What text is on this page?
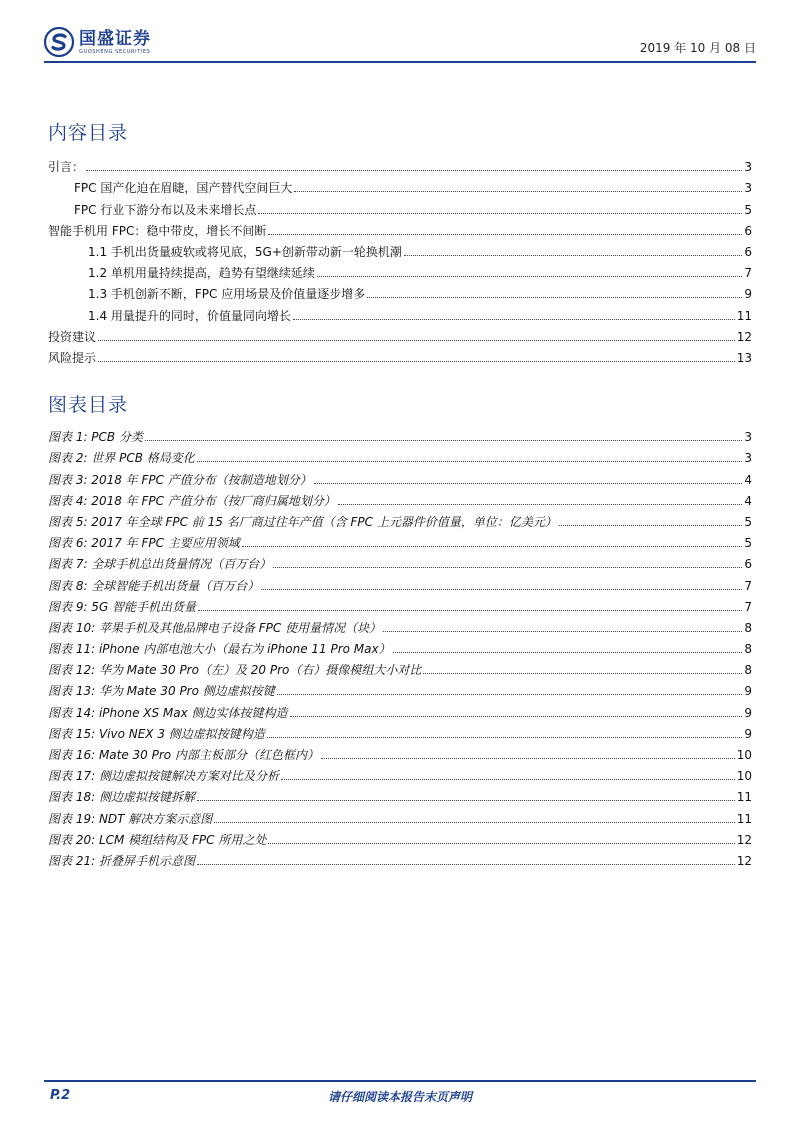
国盛证券
GUOSHENG SECURITIES	2019 年 10 月 08 日
内容目录
引言：	3
FPC 国产化迫在眉睫，国产替代空间巨大	3
FPC 行业下游分布以及未来增长点	5
智能手机用 FPC：稳中带皮，增长不间断	6
1.1 手机出货量疲软或将见底，5G+创新带动新一轮换机潮	6
1.2 单机用量持续提高，趋势有望继续延续	7
1.3 手机创新不断，FPC 应用场景及价值量逐步增多	9
1.4 用量提升的同时，价值量同向增长	11
投资建议	12
风险提示	13
图表目录
图表 1: PCB 分类	3
图表 2: 世界 PCB 格局变化	3
图表 3: 2018 年 FPC 产值分布（按制造地划分）	4
图表 4: 2018 年 FPC 产值分布（按厂商归属地划分）	4
图表 5: 2017 年全球 FPC 前 15 名厂商过往年产值（含 FPC 上元器件价值量，单位：亿美元）	5
图表 6: 2017 年 FPC 主要应用领域	5
图表 7: 全球手机总出货量情况（百万台）	6
图表 8: 全球智能手机出货量（百万台）	7
图表 9: 5G 智能手机出货量	7
图表 10: 苹果手机及其他品牌电子设备 FPC 使用量情况（块）	8
图表 11: iPhone 内部电池大小（最右为 iPhone 11 Pro Max）	8
图表 12: 华为 Mate 30 Pro（左）及 20 Pro（右）摄像模组大小对比	8
图表 13: 华为 Mate 30 Pro 侧边虚拟按键	9
图表 14: iPhone XS Max 侧边实体按键构造	9
图表 15: Vivo NEX 3 侧边虚拟按键构造	9
图表 16: Mate 30 Pro 内部主板部分（红色框内）	10
图表 17: 侧边虚拟按键解决方案对比及分析	10
图表 18: 侧边虚拟按键拆解	11
图表 19: NDT 解决方案示意图	11
图表 20: LCM 模组结构及 FPC 所用之处	12
图表 21: 折叠屏手机示意图	12
请仔细阅读本报告末页声明
P.2
